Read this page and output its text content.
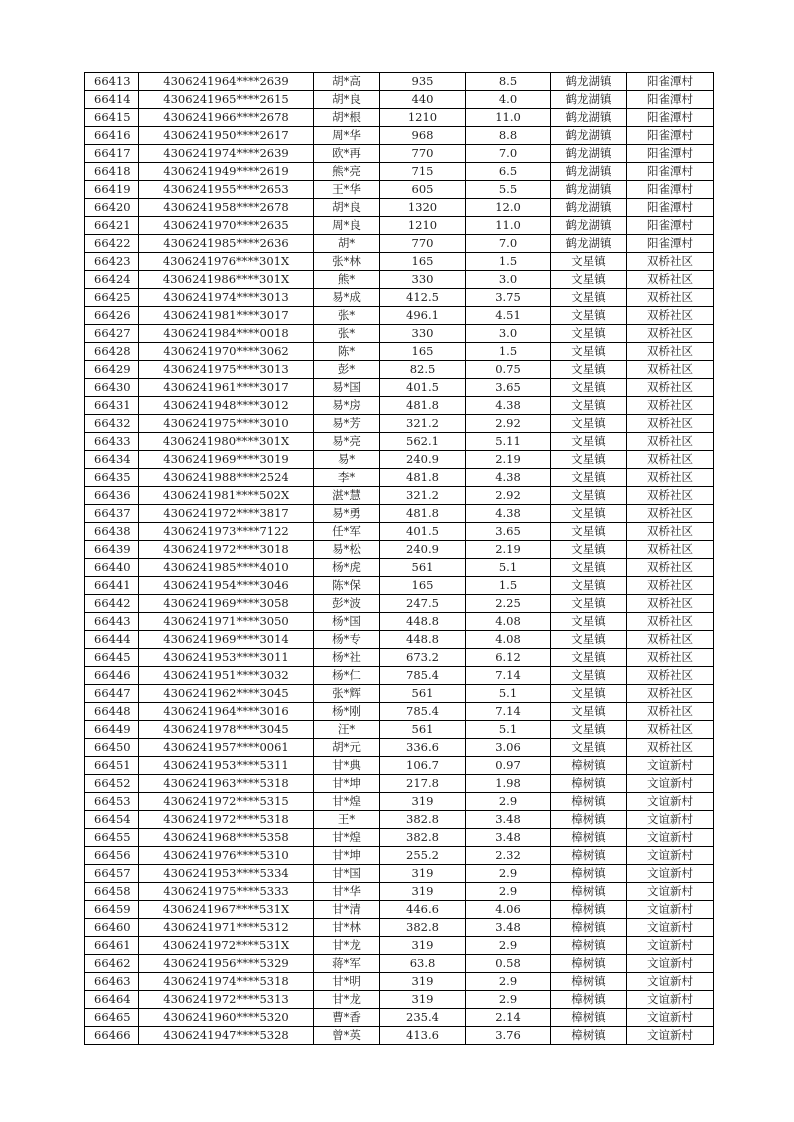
66413	4306241964****2639	胡*高	935	8.5	鹤龙湖镇	阳雀潭村
66414	4306241965****2615	胡*良	440	4.0	鹤龙湖镇	阳雀潭村
66415	4306241966****2678	胡*根	1210	11.0	鹤龙湖镇	阳雀潭村
66416	4306241950****2617	周*华	968	8.8	鹤龙湖镇	阳雀潭村
66417	4306241974****2639	欧*再	770	7.0	鹤龙湖镇	阳雀潭村
66418	4306241949****2619	熊*亮	715	6.5	鹤龙湖镇	阳雀潭村
66419	4306241955****2653	王*华	605	5.5	鹤龙湖镇	阳雀潭村
66420	4306241958****2678	胡*良	1320	12.0	鹤龙湖镇	阳雀潭村
66421	4306241970****2635	周*良	1210	11.0	鹤龙湖镇	阳雀潭村
66422	4306241985****2636	胡*	770	7.0	鹤龙湖镇	阳雀潭村
66423	4306241976****301X	张*林	165	1.5	文星镇	双桥社区
66424	4306241986****301X	熊*	330	3.0	文星镇	双桥社区
66425	4306241974****3013	易*成	412.5	3.75	文星镇	双桥社区
66426	4306241981****3017	张*	496.1	4.51	文星镇	双桥社区
66427	4306241984****0018	张*	330	3.0	文星镇	双桥社区
66428	4306241970****3062	陈*	165	1.5	文星镇	双桥社区
66429	4306241975****3013	彭*	82.5	0.75	文星镇	双桥社区
66430	4306241961****3017	易*国	401.5	3.65	文星镇	双桥社区
66431	4306241948****3012	易*房	481.8	4.38	文星镇	双桥社区
66432	4306241975****3010	易*芳	321.2	2.92	文星镇	双桥社区
66433	4306241980****301X	易*亮	562.1	5.11	文星镇	双桥社区
66434	4306241969****3019	易*	240.9	2.19	文星镇	双桥社区
66435	4306241988****2524	李*	481.8	4.38	文星镇	双桥社区
66436	4306241981****502X	湛*慧	321.2	2.92	文星镇	双桥社区
66437	4306241972****3817	易*勇	481.8	4.38	文星镇	双桥社区
66438	4306241973****7122	任*军	401.5	3.65	文星镇	双桥社区
66439	4306241972****3018	易*松	240.9	2.19	文星镇	双桥社区
66440	4306241985****4010	杨*虎	561	5.1	文星镇	双桥社区
66441	4306241954****3046	陈*保	165	1.5	文星镇	双桥社区
66442	4306241969****3058	彭*波	247.5	2.25	文星镇	双桥社区
66443	4306241971****3050	杨*国	448.8	4.08	文星镇	双桥社区
66444	4306241969****3014	杨*专	448.8	4.08	文星镇	双桥社区
66445	4306241953****3011	杨*社	673.2	6.12	文星镇	双桥社区
66446	4306241951****3032	杨*仁	785.4	7.14	文星镇	双桥社区
66447	4306241962****3045	张*辉	561	5.1	文星镇	双桥社区
66448	4306241964****3016	杨*刚	785.4	7.14	文星镇	双桥社区
66449	4306241978****3045	汪*	561	5.1	文星镇	双桥社区
66450	4306241957****0061	胡*元	336.6	3.06	文星镇	双桥社区
66451	4306241953****5311	甘*典	106.7	0.97	樟树镇	文谊新村
66452	4306241963****5318	甘*坤	217.8	1.98	樟树镇	文谊新村
66453	4306241972****5315	甘*煌	319	2.9	樟树镇	文谊新村
66454	4306241972****5318	王*	382.8	3.48	樟树镇	文谊新村
66455	4306241968****5358	甘*煌	382.8	3.48	樟树镇	文谊新村
66456	4306241976****5310	甘*坤	255.2	2.32	樟树镇	文谊新村
66457	4306241953****5334	甘*国	319	2.9	樟树镇	文谊新村
66458	4306241975****5333	甘*华	319	2.9	樟树镇	文谊新村
66459	4306241967****531X	甘*清	446.6	4.06	樟树镇	文谊新村
66460	4306241971****5312	甘*林	382.8	3.48	樟树镇	文谊新村
66461	4306241972****531X	甘*龙	319	2.9	樟树镇	文谊新村
66462	4306241956****5329	蒋*军	63.8	0.58	樟树镇	文谊新村
66463	4306241974****5318	甘*明	319	2.9	樟树镇	文谊新村
66464	4306241972****5313	甘*龙	319	2.9	樟树镇	文谊新村
66465	4306241960****5320	曹*香	235.4	2.14	樟树镇	文谊新村
66466	4306241947****5328	曾*英	413.6	3.76	樟树镇	文谊新村
